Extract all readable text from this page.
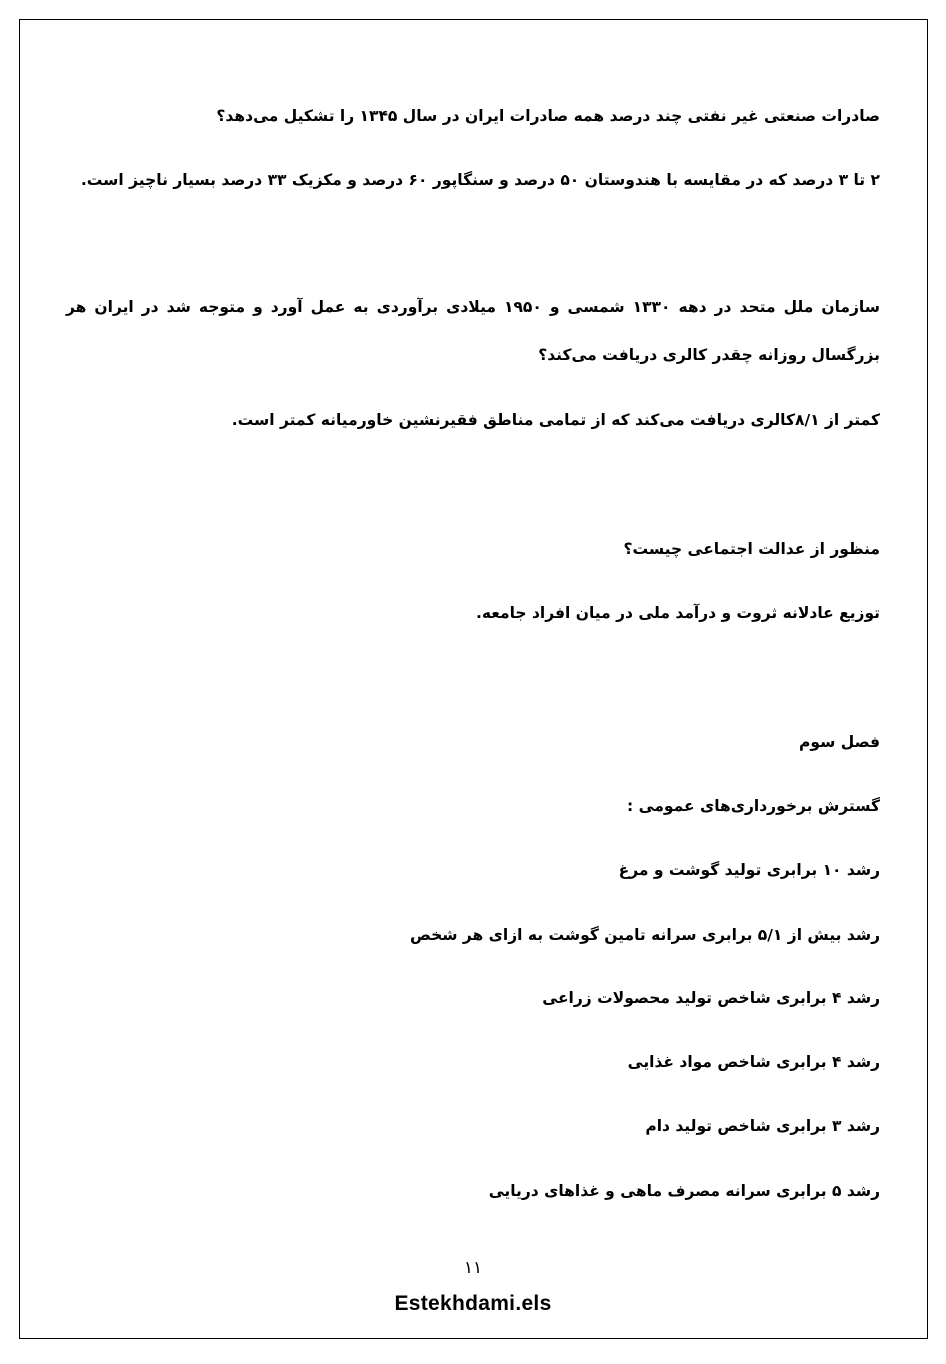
صادرات صنعتی غیر نفتی چند درصد همه صادرات ایران در سال ۱۳۴۵ را تشکیل می‌دهد؟
۲ تا ۳ درصد که در مقایسه با هندوستان ۵۰ درصد و سنگاپور ۶۰ درصد و مکزیک ۳۳ درصد بسیار ناچیز است.
سازمان ملل متحد در دهه ۱۳۳۰ شمسی و ۱۹۵۰ میلادی برآوردی به عمل آورد و متوجه شد در ایران هر بزرگسال روزانه چقدر کالری دریافت می‌کند؟
کمتر از ۸/۱کالری دریافت می‌کند که از تمامی مناطق فقیرنشین خاورمیانه کمتر است.
منظور از عدالت اجتماعی چیست؟
توزیع عادلانه ثروت و درآمد ملی در میان افراد جامعه.
فصل سوم
گسترش برخورداری‌های عمومی :
رشد ۱۰ برابری تولید گوشت و مرغ
رشد بیش از ۵/۱ برابری سرانه تامین گوشت به ازای هر شخص
رشد ۴ برابری شاخص تولید محصولات زراعی
رشد ۴ برابری شاخص مواد غذایی
رشد ۳ برابری شاخص تولید دام
رشد ۵ برابری سرانه مصرف ماهی و غذاهای دریایی
۱۱
Estekhdami.els
